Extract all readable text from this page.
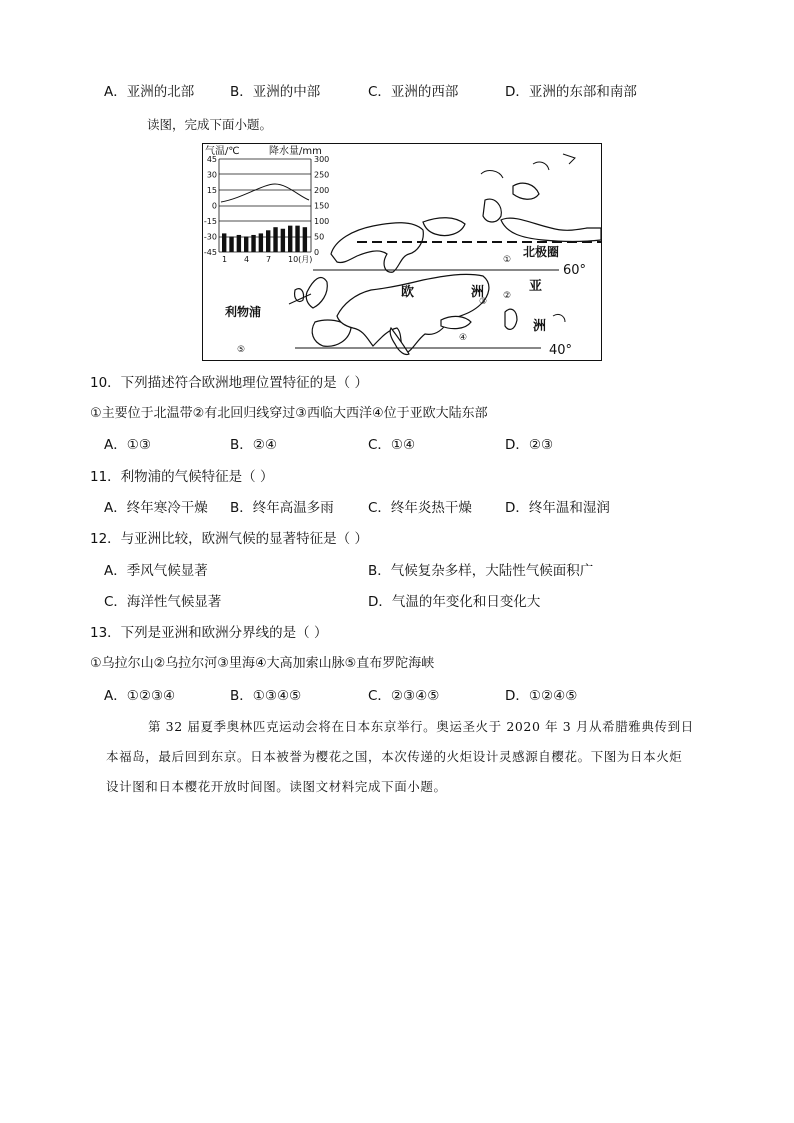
A．亚洲的北部	B．亚洲的中部	C．亚洲的西部	D．亚洲的东部和南部
读图，完成下面小题。
气温/℃	降水量/mm
45
30
15
0
-15
-30
-45
300
250
200
150
100
50
0
1 4 7 10(月)	①
②
③
④
⑤
北极圈
60°
40°
欧	洲	亚
洲
利物浦
10．下列描述符合欧洲地理位置特征的是（ ）
①主要位于北温带②有北回归线穿过③西临大西洋④位于亚欧大陆东部
A．①③	B．②④	C．①④	D．②③
11．利物浦的气候特征是（ ）
A．终年寒冷干燥 B．终年高温多雨	C．终年炎热干燥 D．终年温和湿润
12．与亚洲比较，欧洲气候的显著特征是（ ）
A．季风气候显著	B．气候复杂多样，大陆性气候面积广
C．海洋性气候显著	D．气温的年变化和日变化大
13．下列是亚洲和欧洲分界线的是（ ）
①乌拉尔山②乌拉尔河③里海④大高加索山脉⑤直布罗陀海峡
A．①②③④	B．①③④⑤	C．②③④⑤	D．①②④⑤
第 32 届夏季奥林匹克运动会将在日本东京举行。奥运圣火于 2020 年 3 月从希腊雅典传到日
本福岛，最后回到东京。日本被誉为樱花之国，本次传递的火炬设计灵感源自樱花。下图为日本火炬
设计图和日本樱花开放时间图。读图文材料完成下面小题。
